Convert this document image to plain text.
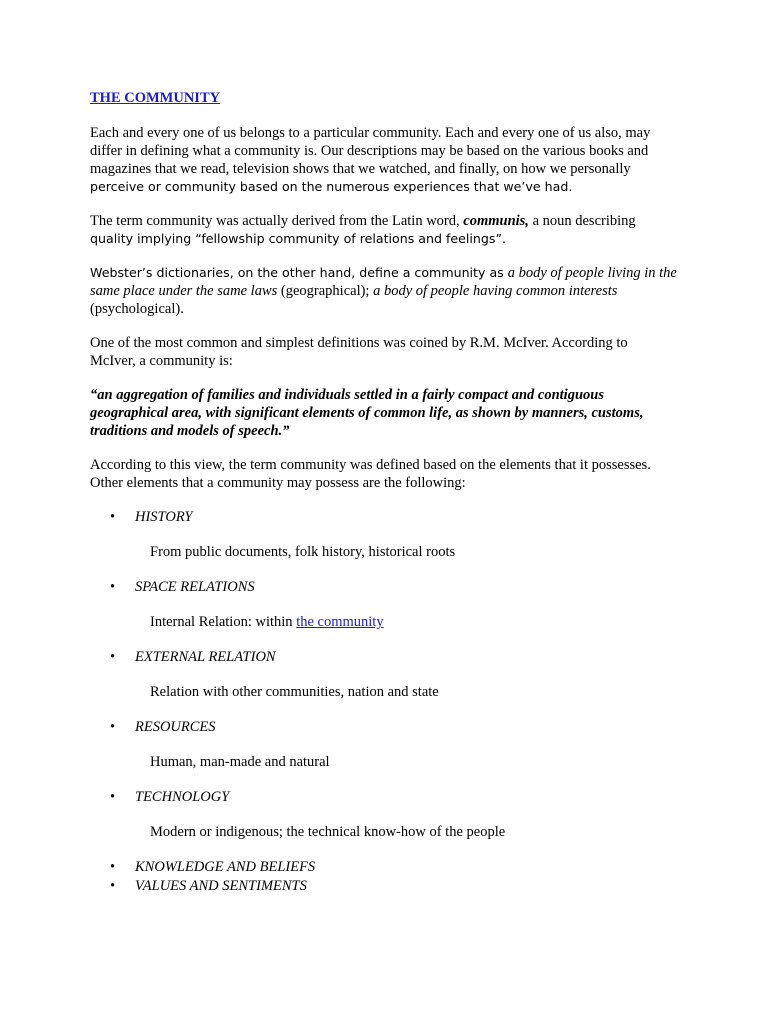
THE COMMUNITY

Each and every one of us belongs to a particular community. Each and every one of us also, may
differ in defining what a community is. Our descriptions may be based on the various books and
magazines that we read, television shows that we watched, and finally, on how we personally
perceive or community based on the numerous experiences that we’ve had.

The term community was actually derived from the Latin word, communis, a noun describing
quality implying “fellowship community of relations and feelings”.

Webster’s dictionaries, on the other hand, define a community as a body of people living in the
same place under the same laws (geographical); a body of people having common interests
(psychological).

One of the most common and simplest definitions was coined by R.M. McIver. According to
McIver, a community is:

“an aggregation of families and individuals settled in a fairly compact and contiguous
geographical area, with significant elements of common life, as shown by manners, customs,
traditions and models of speech.”

According to this view, the term community was defined based on the elements that it possesses.
Other elements that a community may possess are the following:

• HISTORY
From public documents, folk history, historical roots
• SPACE RELATIONS
Internal Relation: within the community
• EXTERNAL RELATION
Relation with other communities, nation and state
• RESOURCES
Human, man-made and natural
• TECHNOLOGY
Modern or indigenous; the technical know-how of the people
• KNOWLEDGE AND BELIEFS
• VALUES AND SENTIMENTS
